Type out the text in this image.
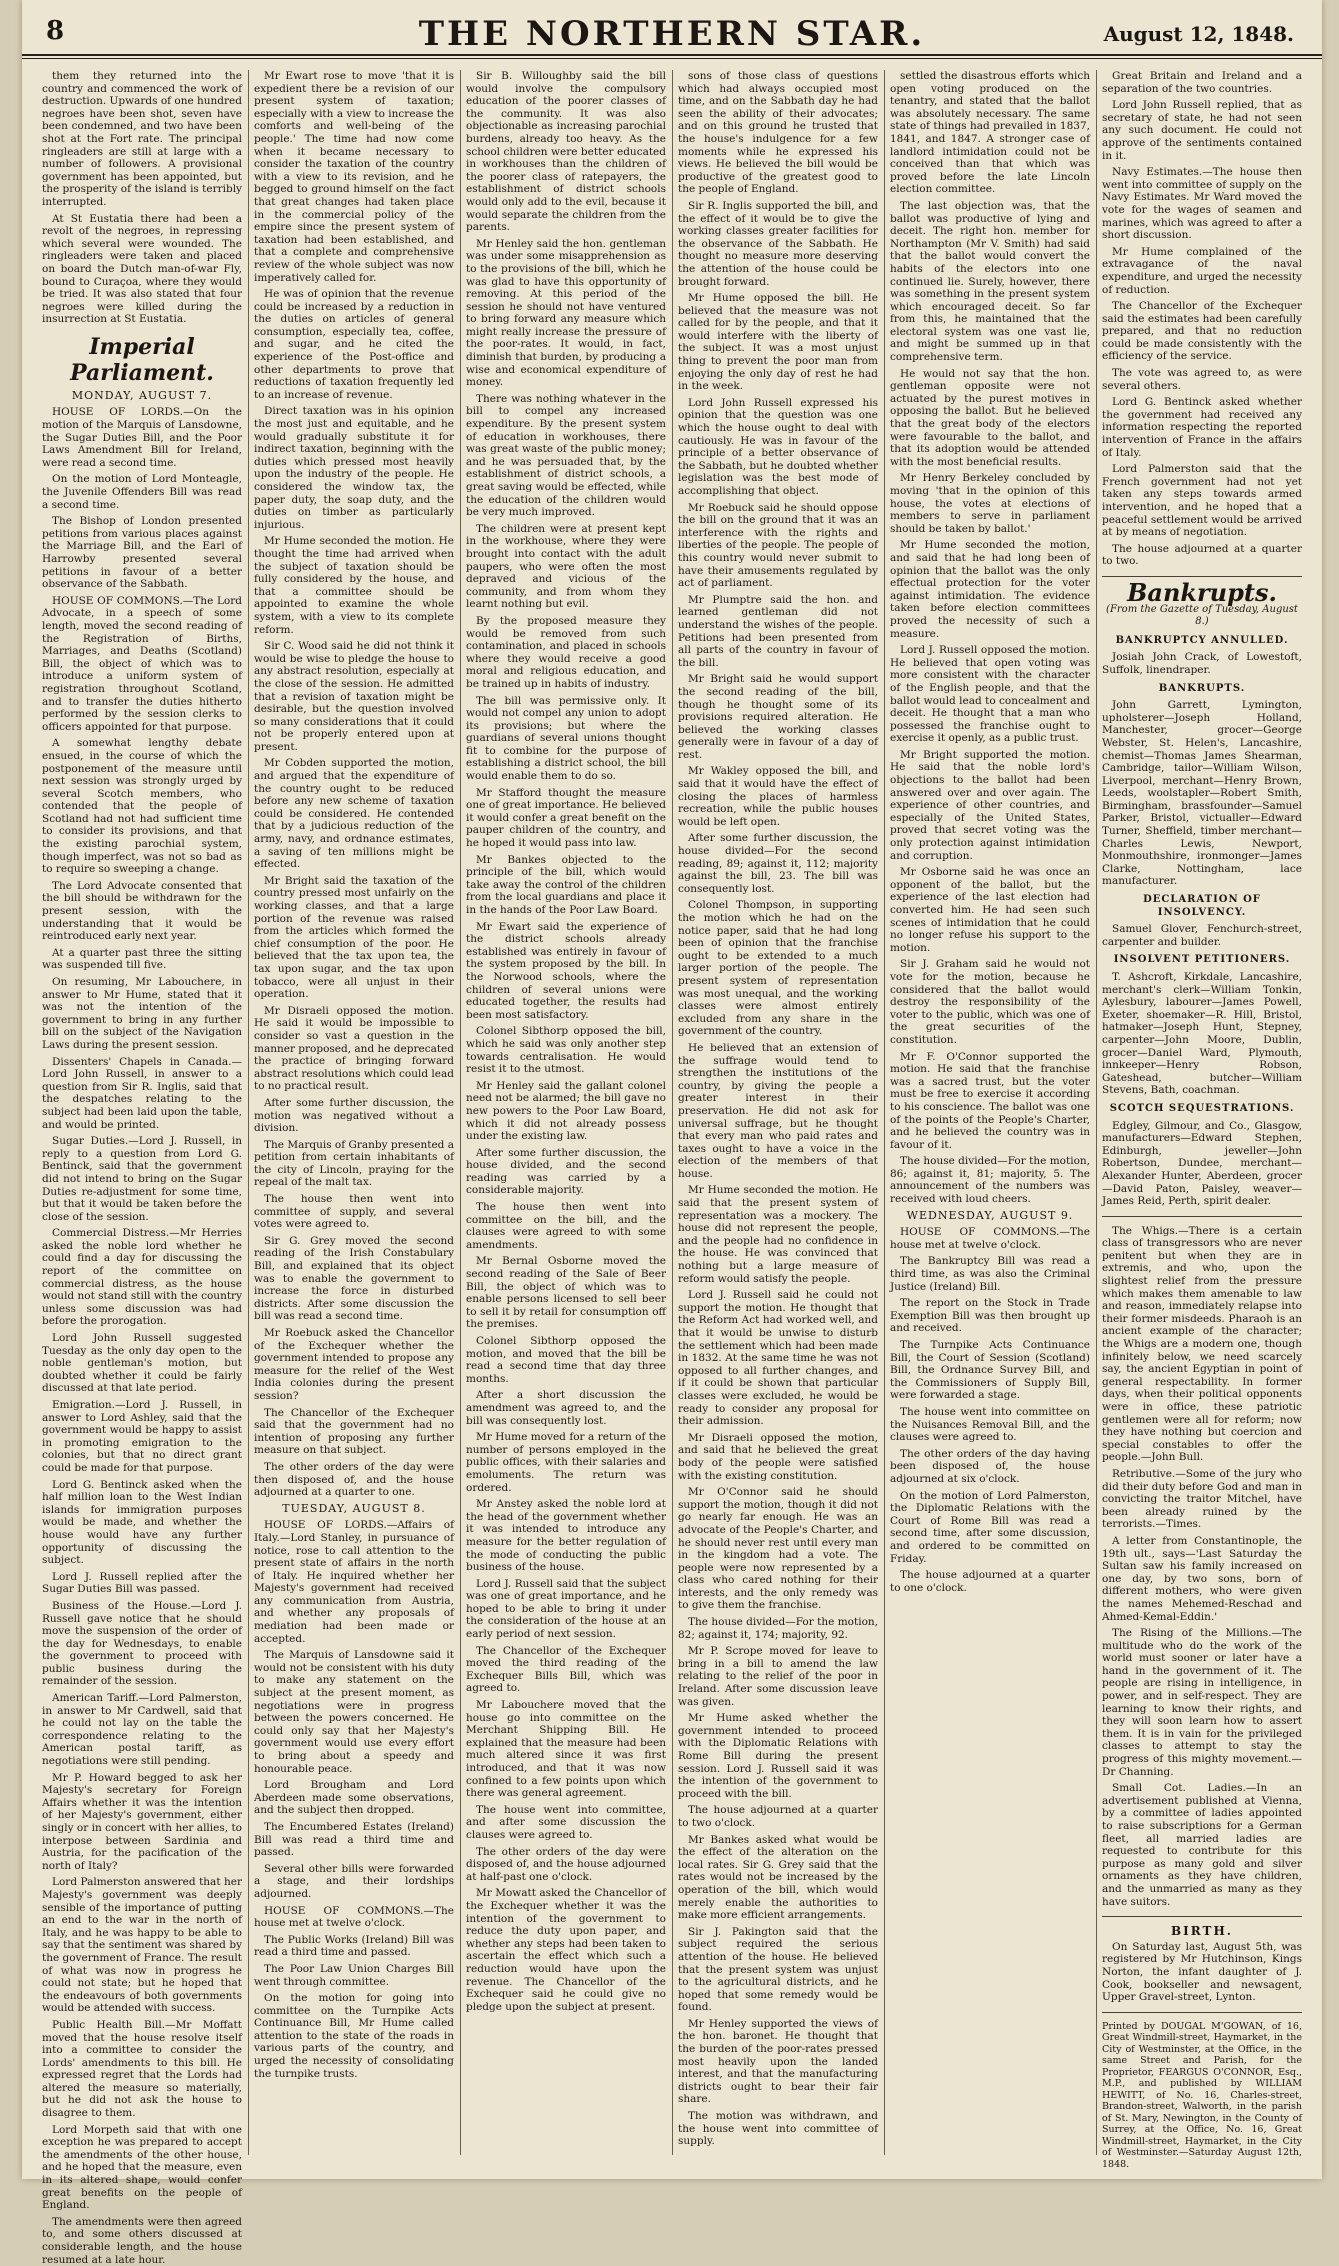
8	THE NORTHERN STAR.	August 12, 1848.

them they returned into the country and commenced the work of destruction. Upwards of one hundred negroes have been shot, seven have been condemned, and two have been shot at the Fort rate. The principal ringleaders are still at large with a number of followers. A provisional government has been appointed, but the prosperity of the island is terribly interrupted.

At St Eustatia there had been a revolt of the negroes, in repressing which several were wounded. The ringleaders were taken and placed on board the Dutch man-of-war Fly, bound to Curaçoa, where they would be tried. It was also stated that four negroes were killed during the insurrection at St Eustatia.

Imperial Parliament.
MONDAY, AUGUST 7.

HOUSE OF LORDS.—On the motion of the Marquis of Lansdowne, the Sugar Duties Bill, and the Poor Laws Amendment Bill for Ireland, were read a second time.

On the motion of Lord Monteagle, the Juvenile Offenders Bill was read a second time.

The Bishop of London presented petitions from various places against the Marriage Bill, and the Earl of Harrowby presented several petitions in favour of a better observance of the Sabbath.

HOUSE OF COMMONS.—The Lord Advocate, in a speech of some length, moved the second reading of the Registration of Births, Marriages, and Deaths (Scotland) Bill, the object of which was to introduce a uniform system of registration throughout Scotland, and to transfer the duties hitherto performed by the session clerks to officers appointed for that purpose.

A somewhat lengthy debate ensued, in the course of which the postponement of the measure until next session was strongly urged by several Scotch members, who contended that the people of Scotland had not had sufficient time to consider its provisions, and that the existing parochial system, though imperfect, was not so bad as to require so sweeping a change.

The Lord Advocate consented that the bill should be withdrawn for the present session, with the understanding that it would be reintroduced early next year.

At a quarter past three the sitting was suspended till five.

On resuming, Mr Labouchere, in answer to Mr Hume, stated that it was not the intention of the government to bring in any further bill on the subject of the Navigation Laws during the present session.

Dissenters' Chapels in Canada.—Lord John Russell, in answer to a question from Sir R. Inglis, said that the despatches relating to the subject had been laid upon the table, and would be printed.

Sugar Duties.—Lord J. Russell, in reply to a question from Lord G. Bentinck, said that the government did not intend to bring on the Sugar Duties re-adjustment for some time, but that it would be taken before the close of the session.

Commercial Distress.—Mr Herries asked the noble lord whether he could find a day for discussing the report of the committee on commercial distress, as the house would not stand still with the country unless some discussion was had before the prorogation.

Lord John Russell suggested Tuesday as the only day open to the noble gentleman's motion, but doubted whether it could be fairly discussed at that late period.

Emigration.—Lord J. Russell, in answer to Lord Ashley, said that the government would be happy to assist in promoting emigration to the colonies, but that no direct grant could be made for that purpose.

Lord G. Bentinck asked when the half million loan to the West Indian islands for immigration purposes would be made, and whether the house would have any further opportunity of discussing the subject.

Lord J. Russell replied after the Sugar Duties Bill was passed.

Business of the House.—Lord J. Russell gave notice that he should move the suspension of the order of the day for Wednesdays, to enable the government to proceed with public business during the remainder of the session.

American Tariff.—Lord Palmerston, in answer to Mr Cardwell, said that he could not lay on the table the correspondence relating to the American postal tariff, as negotiations were still pending.

Mr P. Howard begged to ask her Majesty's secretary for Foreign Affairs whether it was the intention of her Majesty's government, either singly or in concert with her allies, to interpose between Sardinia and Austria, for the pacification of the north of Italy?

Lord Palmerston answered that her Majesty's government was deeply sensible of the importance of putting an end to the war in the north of Italy, and he was happy to be able to say that the sentiment was shared by the government of France. The result of what was now in progress he could not state; but he hoped that the endeavours of both governments would be attended with success.

Public Health Bill.—Mr Moffatt moved that the house resolve itself into a committee to consider the Lords' amendments to this bill. He expressed regret that the Lords had altered the measure so materially, but he did not ask the house to disagree to them.

Lord Morpeth said that with one exception he was prepared to accept the amendments of the other house, and he hoped that the measure, even in its altered shape, would confer great benefits on the people of England.

The amendments were then agreed to, and some others discussed at considerable length, and the house resumed at a late hour.

Mr Ewart rose to move 'that it is expedient there be a revision of our present system of taxation; especially with a view to increase the comforts and well-being of the people.' The time had now come when it became necessary to consider the taxation of the country with a view to its revision, and he begged to ground himself on the fact that great changes had taken place in the commercial policy of the empire since the present system of taxation had been established, and that a complete and comprehensive review of the whole subject was now imperatively called for.

He was of opinion that the revenue could be increased by a reduction in the duties on articles of general consumption, especially tea, coffee, and sugar, and he cited the experience of the Post-office and other departments to prove that reductions of taxation frequently led to an increase of revenue.

Direct taxation was in his opinion the most just and equitable, and he would gradually substitute it for indirect taxation, beginning with the duties which pressed most heavily upon the industry of the people. He considered the window tax, the paper duty, the soap duty, and the duties on timber as particularly injurious.

Mr Hume seconded the motion. He thought the time had arrived when the subject of taxation should be fully considered by the house, and that a committee should be appointed to examine the whole system, with a view to its complete reform.

Sir C. Wood said he did not think it would be wise to pledge the house to any abstract resolution, especially at the close of the session. He admitted that a revision of taxation might be desirable, but the question involved so many considerations that it could not be properly entered upon at present.

Mr Cobden supported the motion, and argued that the expenditure of the country ought to be reduced before any new scheme of taxation could be considered. He contended that by a judicious reduction of the army, navy, and ordnance estimates, a saving of ten millions might be effected.

Mr Bright said the taxation of the country pressed most unfairly on the working classes, and that a large portion of the revenue was raised from the articles which formed the chief consumption of the poor. He believed that the tax upon tea, the tax upon sugar, and the tax upon tobacco, were all unjust in their operation.

Mr Disraeli opposed the motion. He said it would be impossible to consider so vast a question in the manner proposed, and he deprecated the practice of bringing forward abstract resolutions which could lead to no practical result.

After some further discussion, the motion was negatived without a division.

The Marquis of Granby presented a petition from certain inhabitants of the city of Lincoln, praying for the repeal of the malt tax.

The house then went into committee of supply, and several votes were agreed to.

Sir G. Grey moved the second reading of the Irish Constabulary Bill, and explained that its object was to enable the government to increase the force in disturbed districts. After some discussion the bill was read a second time.

Mr Roebuck asked the Chancellor of the Exchequer whether the government intended to propose any measure for the relief of the West India colonies during the present session?

The Chancellor of the Exchequer said that the government had no intention of proposing any further measure on that subject.

The other orders of the day were then disposed of, and the house adjourned at a quarter to one.

TUESDAY, AUGUST 8.

HOUSE OF LORDS.—Affairs of Italy.—Lord Stanley, in pursuance of notice, rose to call attention to the present state of affairs in the north of Italy. He inquired whether her Majesty's government had received any communication from Austria, and whether any proposals of mediation had been made or accepted.

The Marquis of Lansdowne said it would not be consistent with his duty to make any statement on the subject at the present moment, as negotiations were in progress between the powers concerned. He could only say that her Majesty's government would use every effort to bring about a speedy and honourable peace.

Lord Brougham and Lord Aberdeen made some observations, and the subject then dropped.

The Encumbered Estates (Ireland) Bill was read a third time and passed.

Several other bills were forwarded a stage, and their lordships adjourned.

HOUSE OF COMMONS.—The house met at twelve o'clock.

The Public Works (Ireland) Bill was read a third time and passed.

The Poor Law Union Charges Bill went through committee.

On the motion for going into committee on the Turnpike Acts Continuance Bill, Mr Hume called attention to the state of the roads in various parts of the country, and urged the necessity of consolidating the turnpike trusts.

Sir B. Willoughby said the bill would involve the compulsory education of the poorer classes of the community. It was also objectionable as increasing parochial burdens, already too heavy. As the school children were better educated in workhouses than the children of the poorer class of ratepayers, the establishment of district schools would only add to the evil, because it would separate the children from the parents.

Mr Henley said the hon. gentleman was under some misapprehension as to the provisions of the bill, which he was glad to have this opportunity of removing. At this period of the session he should not have ventured to bring forward any measure which might really increase the pressure of the poor-rates. It would, in fact, diminish that burden, by producing a wise and economical expenditure of money.

There was nothing whatever in the bill to compel any increased expenditure. By the present system of education in workhouses, there was great waste of the public money; and he was persuaded that, by the establishment of district schools, a great saving would be effected, while the education of the children would be very much improved.

The children were at present kept in the workhouse, where they were brought into contact with the adult paupers, who were often the most depraved and vicious of the community, and from whom they learnt nothing but evil.

By the proposed measure they would be removed from such contamination, and placed in schools where they would receive a good moral and religious education, and be trained up in habits of industry.

The bill was permissive only. It would not compel any union to adopt its provisions; but where the guardians of several unions thought fit to combine for the purpose of establishing a district school, the bill would enable them to do so.

Mr Stafford thought the measure one of great importance. He believed it would confer a great benefit on the pauper children of the country, and he hoped it would pass into law.

Mr Bankes objected to the principle of the bill, which would take away the control of the children from the local guardians and place it in the hands of the Poor Law Board.

Mr Ewart said the experience of the district schools already established was entirely in favour of the system proposed by the bill. In the Norwood schools, where the children of several unions were educated together, the results had been most satisfactory.

Colonel Sibthorp opposed the bill, which he said was only another step towards centralisation. He would resist it to the utmost.

Mr Henley said the gallant colonel need not be alarmed; the bill gave no new powers to the Poor Law Board, which it did not already possess under the existing law.

After some further discussion, the house divided, and the second reading was carried by a considerable majority.

The house then went into committee on the bill, and the clauses were agreed to with some amendments.

Mr Bernal Osborne moved the second reading of the Sale of Beer Bill, the object of which was to enable persons licensed to sell beer to sell it by retail for consumption off the premises.

Colonel Sibthorp opposed the motion, and moved that the bill be read a second time that day three months.

After a short discussion the amendment was agreed to, and the bill was consequently lost.

Mr Hume moved for a return of the number of persons employed in the public offices, with their salaries and emoluments. The return was ordered.

Mr Anstey asked the noble lord at the head of the government whether it was intended to introduce any measure for the better regulation of the mode of conducting the public business of the house.

Lord J. Russell said that the subject was one of great importance, and he hoped to be able to bring it under the consideration of the house at an early period of next session.

The Chancellor of the Exchequer moved the third reading of the Exchequer Bills Bill, which was agreed to.

Mr Labouchere moved that the house go into committee on the Merchant Shipping Bill. He explained that the measure had been much altered since it was first introduced, and that it was now confined to a few points upon which there was general agreement.

The house went into committee, and after some discussion the clauses were agreed to.

The other orders of the day were disposed of, and the house adjourned at half-past one o'clock.

Mr Mowatt asked the Chancellor of the Exchequer whether it was the intention of the government to reduce the duty upon paper, and whether any steps had been taken to ascertain the effect which such a reduction would have upon the revenue. The Chancellor of the Exchequer said he could give no pledge upon the subject at present.

sons of those class of questions which had always occupied most time, and on the Sabbath day he had seen the ability of their advocates; and on this ground he trusted that the house's indulgence for a few moments while he expressed his views. He believed the bill would be productive of the greatest good to the people of England.

Sir R. Inglis supported the bill, and the effect of it would be to give the working classes greater facilities for the observance of the Sabbath. He thought no measure more deserving the attention of the house could be brought forward.

Mr Hume opposed the bill. He believed that the measure was not called for by the people, and that it would interfere with the liberty of the subject. It was a most unjust thing to prevent the poor man from enjoying the only day of rest he had in the week.

Lord John Russell expressed his opinion that the question was one which the house ought to deal with cautiously. He was in favour of the principle of a better observance of the Sabbath, but he doubted whether legislation was the best mode of accomplishing that object.

Mr Roebuck said he should oppose the bill on the ground that it was an interference with the rights and liberties of the people. The people of this country would never submit to have their amusements regulated by act of parliament.

Mr Plumptre said the hon. and learned gentleman did not understand the wishes of the people. Petitions had been presented from all parts of the country in favour of the bill.

Mr Bright said he would support the second reading of the bill, though he thought some of its provisions required alteration. He believed the working classes generally were in favour of a day of rest.

Mr Wakley opposed the bill, and said that it would have the effect of closing the places of harmless recreation, while the public houses would be left open.

After some further discussion, the house divided—For the second reading, 89; against it, 112; majority against the bill, 23. The bill was consequently lost.

Colonel Thompson, in supporting the motion which he had on the notice paper, said that he had long been of opinion that the franchise ought to be extended to a much larger portion of the people. The present system of representation was most unequal, and the working classes were almost entirely excluded from any share in the government of the country.

He believed that an extension of the suffrage would tend to strengthen the institutions of the country, by giving the people a greater interest in their preservation. He did not ask for universal suffrage, but he thought that every man who paid rates and taxes ought to have a voice in the election of the members of that house.

Mr Hume seconded the motion. He said that the present system of representation was a mockery. The house did not represent the people, and the people had no confidence in the house. He was convinced that nothing but a large measure of reform would satisfy the people.

Lord J. Russell said he could not support the motion. He thought that the Reform Act had worked well, and that it would be unwise to disturb the settlement which had been made in 1832. At the same time he was not opposed to all further changes, and if it could be shown that particular classes were excluded, he would be ready to consider any proposal for their admission.

Mr Disraeli opposed the motion, and said that he believed the great body of the people were satisfied with the existing constitution.

Mr O'Connor said he should support the motion, though it did not go nearly far enough. He was an advocate of the People's Charter, and he should never rest until every man in the kingdom had a vote. The people were now represented by a class who cared nothing for their interests, and the only remedy was to give them the franchise.

The house divided—For the motion, 82; against it, 174; majority, 92.

Mr P. Scrope moved for leave to bring in a bill to amend the law relating to the relief of the poor in Ireland. After some discussion leave was given.

Mr Hume asked whether the government intended to proceed with the Diplomatic Relations with Rome Bill during the present session. Lord J. Russell said it was the intention of the government to proceed with the bill.

The house adjourned at a quarter to two o'clock.

Mr Bankes asked what would be the effect of the alteration on the local rates. Sir G. Grey said that the rates would not be increased by the operation of the bill, which would merely enable the authorities to make more efficient arrangements.

Sir J. Pakington said that the subject required the serious attention of the house. He believed that the present system was unjust to the agricultural districts, and he hoped that some remedy would be found.

Mr Henley supported the views of the hon. baronet. He thought that the burden of the poor-rates pressed most heavily upon the landed interest, and that the manufacturing districts ought to bear their fair share.

The motion was withdrawn, and the house went into committee of supply.

settled the disastrous efforts which open voting produced on the tenantry, and stated that the ballot was absolutely necessary. The same state of things had prevailed in 1837, 1841, and 1847. A stronger case of landlord intimidation could not be conceived than that which was proved before the late Lincoln election committee.

The last objection was, that the ballot was productive of lying and deceit. The right hon. member for Northampton (Mr V. Smith) had said that the ballot would convert the habits of the electors into one continued lie. Surely, however, there was something in the present system which encouraged deceit. So far from this, he maintained that the electoral system was one vast lie, and might be summed up in that comprehensive term.

He would not say that the hon. gentleman opposite were not actuated by the purest motives in opposing the ballot. But he believed that the great body of the electors were favourable to the ballot, and that its adoption would be attended with the most beneficial results.

Mr Henry Berkeley concluded by moving 'that in the opinion of this house, the votes at elections of members to serve in parliament should be taken by ballot.'

Mr Hume seconded the motion, and said that he had long been of opinion that the ballot was the only effectual protection for the voter against intimidation. The evidence taken before election committees proved the necessity of such a measure.

Lord J. Russell opposed the motion. He believed that open voting was more consistent with the character of the English people, and that the ballot would lead to concealment and deceit. He thought that a man who possessed the franchise ought to exercise it openly, as a public trust.

Mr Bright supported the motion. He said that the noble lord's objections to the ballot had been answered over and over again. The experience of other countries, and especially of the United States, proved that secret voting was the only protection against intimidation and corruption.

Mr Osborne said he was once an opponent of the ballot, but the experience of the last election had converted him. He had seen such scenes of intimidation that he could no longer refuse his support to the motion.

Sir J. Graham said he would not vote for the motion, because he considered that the ballot would destroy the responsibility of the voter to the public, which was one of the great securities of the constitution.

Mr F. O'Connor supported the motion. He said that the franchise was a sacred trust, but the voter must be free to exercise it according to his conscience. The ballot was one of the points of the People's Charter, and he believed the country was in favour of it.

The house divided—For the motion, 86; against it, 81; majority, 5. The announcement of the numbers was received with loud cheers.

WEDNESDAY, AUGUST 9.

HOUSE OF COMMONS.—The house met at twelve o'clock.

The Bankruptcy Bill was read a third time, as was also the Criminal Justice (Ireland) Bill.

The report on the Stock in Trade Exemption Bill was then brought up and received.

The Turnpike Acts Continuance Bill, the Court of Session (Scotland) Bill, the Ordnance Survey Bill, and the Commissioners of Supply Bill, were forwarded a stage.

The house went into committee on the Nuisances Removal Bill, and the clauses were agreed to.

The other orders of the day having been disposed of, the house adjourned at six o'clock.

On the motion of Lord Palmerston, the Diplomatic Relations with the Court of Rome Bill was read a second time, after some discussion, and ordered to be committed on Friday.

The house adjourned at a quarter to one o'clock.

Great Britain and Ireland and a separation of the two countries.

Lord John Russell replied, that as secretary of state, he had not seen any such document. He could not approve of the sentiments contained in it.

Navy Estimates.—The house then went into committee of supply on the Navy Estimates. Mr Ward moved the vote for the wages of seamen and marines, which was agreed to after a short discussion.

Mr Hume complained of the extravagance of the naval expenditure, and urged the necessity of reduction.

The Chancellor of the Exchequer said the estimates had been carefully prepared, and that no reduction could be made consistently with the efficiency of the service.

The vote was agreed to, as were several others.

Lord G. Bentinck asked whether the government had received any information respecting the reported intervention of France in the affairs of Italy.

Lord Palmerston said that the French government had not yet taken any steps towards armed intervention, and he hoped that a peaceful settlement would be arrived at by means of negotiation.

The house adjourned at a quarter to two.

Bankrupts.
(From the Gazette of Tuesday, August 8.)
BANKRUPTCY ANNULLED.

Josiah John Crack, of Lowestoft, Suffolk, linendraper.

BANKRUPTS.

John Garrett, Lymington, upholsterer—Joseph Holland, Manchester, grocer—George Webster, St. Helen's, Lancashire, chemist—Thomas James Shearman, Cambridge, tailor—William Wilson, Liverpool, merchant—Henry Brown, Leeds, woolstapler—Robert Smith, Birmingham, brassfounder—Samuel Parker, Bristol, victualler—Edward Turner, Sheffield, timber merchant—Charles Lewis, Newport, Monmouthshire, ironmonger—James Clarke, Nottingham, lace manufacturer.

DECLARATION OF INSOLVENCY.

Samuel Glover, Fenchurch-street, carpenter and builder.

INSOLVENT PETITIONERS.

T. Ashcroft, Kirkdale, Lancashire, merchant's clerk—William Tonkin, Aylesbury, labourer—James Powell, Exeter, shoemaker—R. Hill, Bristol, hatmaker—Joseph Hunt, Stepney, carpenter—John Moore, Dublin, grocer—Daniel Ward, Plymouth, innkeeper—Henry Robson, Gateshead, butcher—William Stevens, Bath, coachman.

SCOTCH SEQUESTRATIONS.

Edgley, Gilmour, and Co., Glasgow, manufacturers—Edward Stephen, Edinburgh, jeweller—John Robertson, Dundee, merchant—Alexander Hunter, Aberdeen, grocer—David Paton, Paisley, weaver—James Reid, Perth, spirit dealer.

The Whigs.—There is a certain class of transgressors who are never penitent but when they are in extremis, and who, upon the slightest relief from the pressure which makes them amenable to law and reason, immediately relapse into their former misdeeds. Pharaoh is an ancient example of the character; the Whigs are a modern one, though infinitely below, we need scarcely say, the ancient Egyptian in point of general respectability. In former days, when their political opponents were in office, these patriotic gentlemen were all for reform; now they have nothing but coercion and special constables to offer the people.—John Bull.

Retributive.—Some of the jury who did their duty before God and man in convicting the traitor Mitchel, have been already ruined by the terrorists.—Times.

A letter from Constantinople, the 19th ult., says—'Last Saturday the Sultan saw his family increased on one day, by two sons, born of different mothers, who were given the names Mehemed-Reschad and Ahmed-Kemal-Eddin.'

The Rising of the Millions.—The multitude who do the work of the world must sooner or later have a hand in the government of it. The people are rising in intelligence, in power, and in self-respect. They are learning to know their rights, and they will soon learn how to assert them. It is in vain for the privileged classes to attempt to stay the progress of this mighty movement.—Dr Channing.

Small Cot. Ladies.—In an advertisement published at Vienna, by a committee of ladies appointed to raise subscriptions for a German fleet, all married ladies are requested to contribute for this purpose as many gold and silver ornaments as they have children, and the unmarried as many as they have suitors.

BIRTH.

On Saturday last, August 5th, was registered by Mr Hutchinson, Kings Norton, the infant daughter of J. Cook, bookseller and newsagent, Upper Gravel-street, Lynton.

Printed by DOUGAL M'GOWAN, of 16, Great Windmill-street, Haymarket, in the City of Westminster, at the Office, in the same Street and Parish, for the Proprietor, FEARGUS O'CONNOR, Esq., M.P., and published by WILLIAM HEWITT, of No. 16, Charles-street, Brandon-street, Walworth, in the parish of St. Mary, Newington, in the County of Surrey, at the Office, No. 16, Great Windmill-street, Haymarket, in the City of Westminster.—Saturday August 12th, 1848.
